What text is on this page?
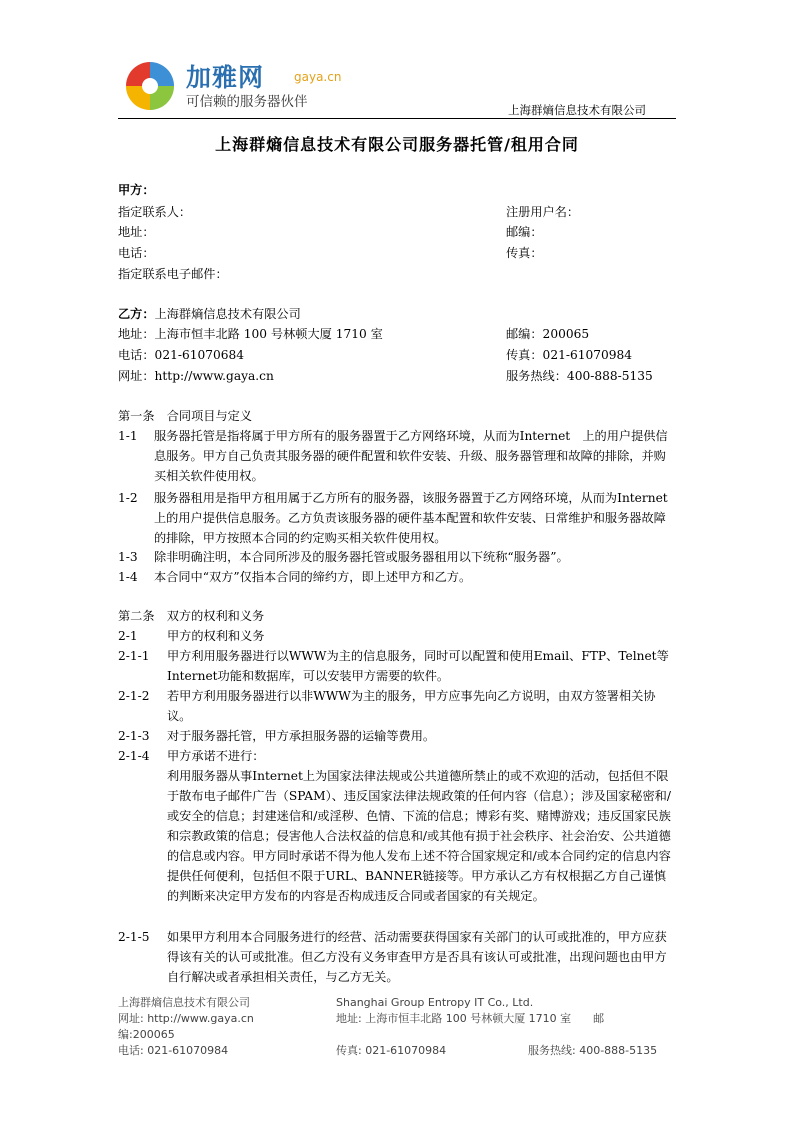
加雅网 gaya.cn
可信赖的服务器伙伴	上海群熵信息技术有限公司
上海群熵信息技术有限公司服务器托管/租用合同
甲方：
指定联系人：	注册用户名：
地址：	邮编：
电话：	传真：
指定联系电子邮件：
乙方：上海群熵信息技术有限公司
地址：上海市恒丰北路 100 号林顿大厦 1710 室	邮编：200065
电话：021-61070684	传真：021-61070984
网址：http://www.gaya.cn	服务热线：400-888-5135
第一条　合同项目与定义
1-1 服务器托管是指将属于甲方所有的服务器置于乙方网络环境，从而为Internet　上的用户提供信息服务。甲方自己负责其服务器的硬件配置和软件安装、升级、服务器管理和故障的排除，并购买相关软件使用权。
1-2 服务器租用是指甲方租用属于乙方所有的服务器，该服务器置于乙方网络环境，从而为Internet　　上的用户提供信息服务。乙方负责该服务器的硬件基本配置和软件安装、日常维护和服务器故障的排除，甲方按照本合同的约定购买相关软件使用权。
1-3 除非明确注明，本合同所涉及的服务器托管或服务器租用以下统称“服务器”。
1-4 本合同中“双方”仅指本合同的缔约方，即上述甲方和乙方。
第二条　双方的权利和义务
2-1 甲方的权利和义务
2-1-1 甲方利用服务器进行以WWW为主的信息服务，同时可以配置和使用Email、FTP、Telnet等Internet功能和数据库，可以安装甲方需要的软件。
2-1-2 若甲方利用服务器进行以非WWW为主的服务，甲方应事先向乙方说明，由双方签署相关协议。
2-1-3 对于服务器托管，甲方承担服务器的运输等费用。
2-1-4 甲方承诺不进行：
利用服务器从事Internet上为国家法律法规或公共道德所禁止的或不欢迎的活动，包括但不限于散布电子邮件广告（SPAM）、违反国家法律法规政策的任何内容（信息）；涉及国家秘密和/或安全的信息；封建迷信和/或淫秽、色情、下流的信息；博彩有奖、赌博游戏；违反国家民族和宗教政策的信息；侵害他人合法权益的信息和/或其他有损于社会秩序、社会治安、公共道德的信息或内容。甲方同时承诺不得为他人发布上述不符合国家规定和/或本合同约定的信息内容提供任何便利，包括但不限于URL、BANNER链接等。甲方承认乙方有权根据乙方自己谨慎的判断来决定甲方发布的内容是否构成违反合同或者国家的有关规定。
2-1-5 如果甲方利用本合同服务进行的经营、活动需要获得国家有关部门的认可或批准的，甲方应获得该有关的认可或批准。但乙方没有义务审查甲方是否具有该认可或批准，出现问题也由甲方自行解决或者承担相关责任，与乙方无关。
上海群熵信息技术有限公司	Shanghai Group Entropy IT Co., Ltd.
网址: http://www.gaya.cn	地址: 上海市恒丰北路 100 号林顿大厦 1710 室　　邮
编:200065
电话: 021-61070984	传真: 021-61070984	服务热线: 400-888-5135
